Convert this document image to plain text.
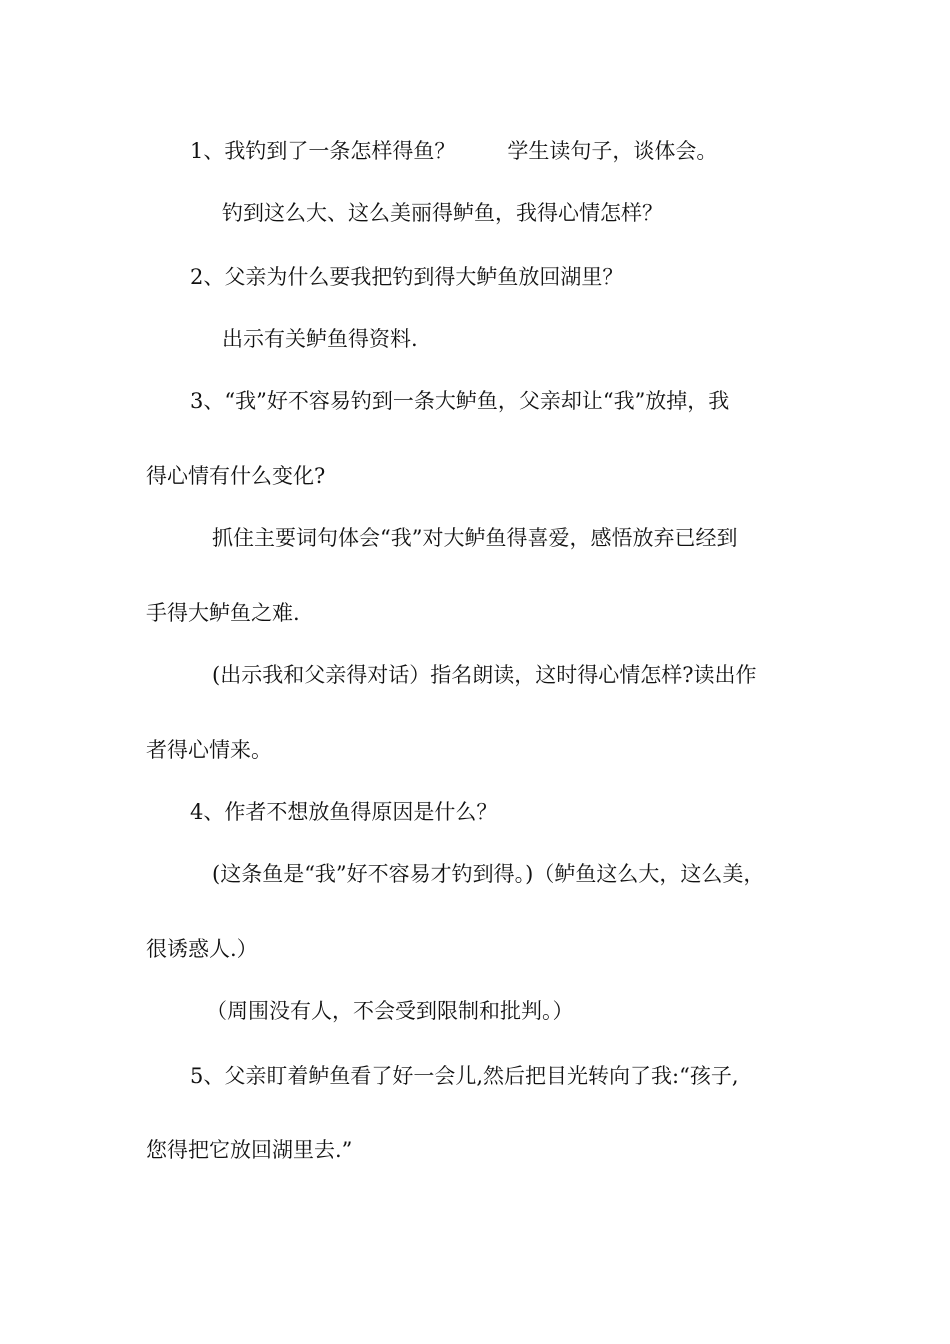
1、我钓到了一条怎样得鱼？ 学生读句子，谈体会。
钓到这么大、这么美丽得鲈鱼，我得心情怎样？
2、父亲为什么要我把钓到得大鲈鱼放回湖里？
出示有关鲈鱼得资料.
3、“我”好不容易钓到一条大鲈鱼，父亲却让“我”放掉，我
得心情有什么变化?
抓住主要词句体会“我”对大鲈鱼得喜爱，感悟放弃已经到
手得大鲈鱼之难.
(出示我和父亲得对话）指名朗读，这时得心情怎样?读出作
者得心情来。
4、作者不想放鱼得原因是什么？
(这条鱼是“我”好不容易才钓到得。)（鲈鱼这么大，这么美，
很诱惑人.）
（周围没有人，不会受到限制和批判。）
5、父亲盯着鲈鱼看了好一会儿,然后把目光转向了我:“孩子,
您得把它放回湖里去.”
